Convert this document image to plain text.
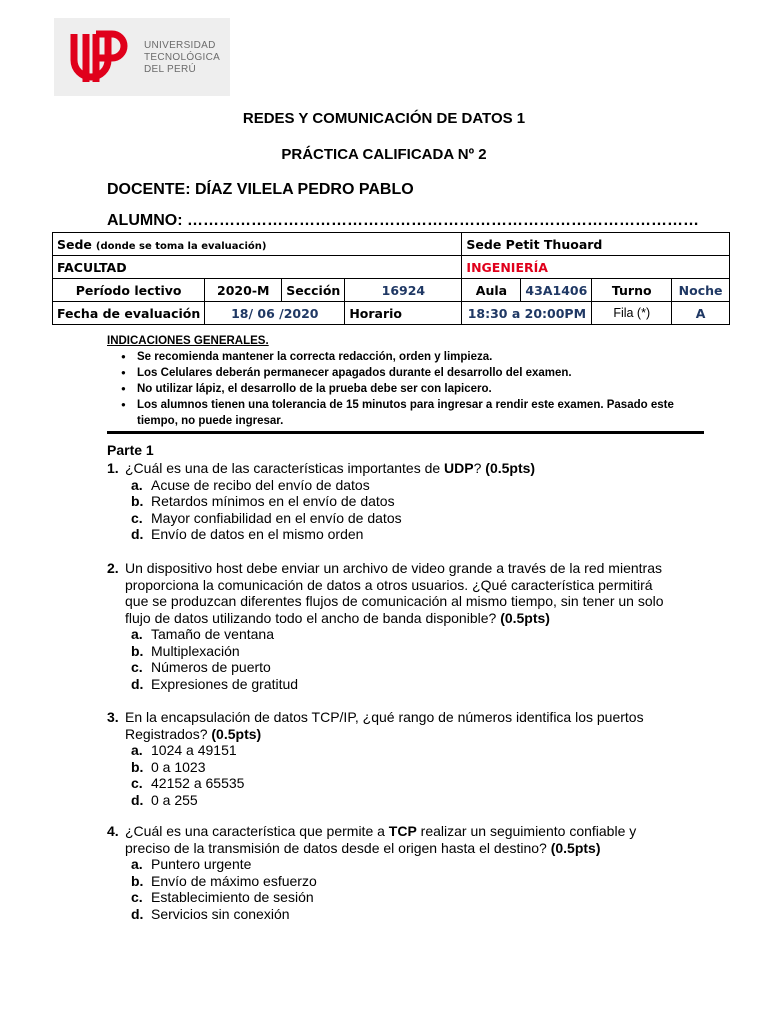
UNIVERSIDAD
TECNOLÓGICA
DEL PERÚ
REDES Y COMUNICACIÓN DE DATOS 1
PRÁCTICA CALIFICADA Nº 2
DOCENTE: DÍAZ VILELA PEDRO PABLO
ALUMNO: ……………………………………………………………………………………
Sede (donde se toma la evaluación)				Sede Petit Thuoard			
FACULTAD				INGENIERÍA			
Período lectivo	2020-M	Sección	16924	Aula	43A1406	Turno	Noche
Fecha de evaluación	18/ 06 /2020		Horario	18:30 a 20:00PM		Fila (*)	A
INDICACIONES GENERALES.
● Se recomienda mantener la correcta redacción, orden y limpieza.
● Los Celulares deberán permanecer apagados durante el desarrollo del examen.
● No utilizar lápiz, el desarrollo de la prueba debe ser con lapicero.
● Los alumnos tienen una tolerancia de 15 minutos para ingresar a rendir este examen. Pasado este tiempo, no puede ingresar.
Parte 1
1. ¿Cuál es una de las características importantes de UDP? (0.5pts)
a. Acuse de recibo del envío de datos
b. Retardos mínimos en el envío de datos
c. Mayor confiabilidad en el envío de datos
d. Envío de datos en el mismo orden
2. Un dispositivo host debe enviar un archivo de video grande a través de la red mientras proporciona la comunicación de datos a otros usuarios. ¿Qué característica permitirá que se produzcan diferentes flujos de comunicación al mismo tiempo, sin tener un solo flujo de datos utilizando todo el ancho de banda disponible? (0.5pts)
a. Tamaño de ventana
b. Multiplexación
c. Números de puerto
d. Expresiones de gratitud
3. En la encapsulación de datos TCP/IP, ¿qué rango de números identifica los puertos Registrados? (0.5pts)
a. 1024 a 49151
b. 0 a 1023
c. 42152 a 65535
d. 0 a 255
4. ¿Cuál es una característica que permite a TCP realizar un seguimiento confiable y preciso de la transmisión de datos desde el origen hasta el destino? (0.5pts)
a. Puntero urgente
b. Envío de máximo esfuerzo
c. Establecimiento de sesión
d. Servicios sin conexión
